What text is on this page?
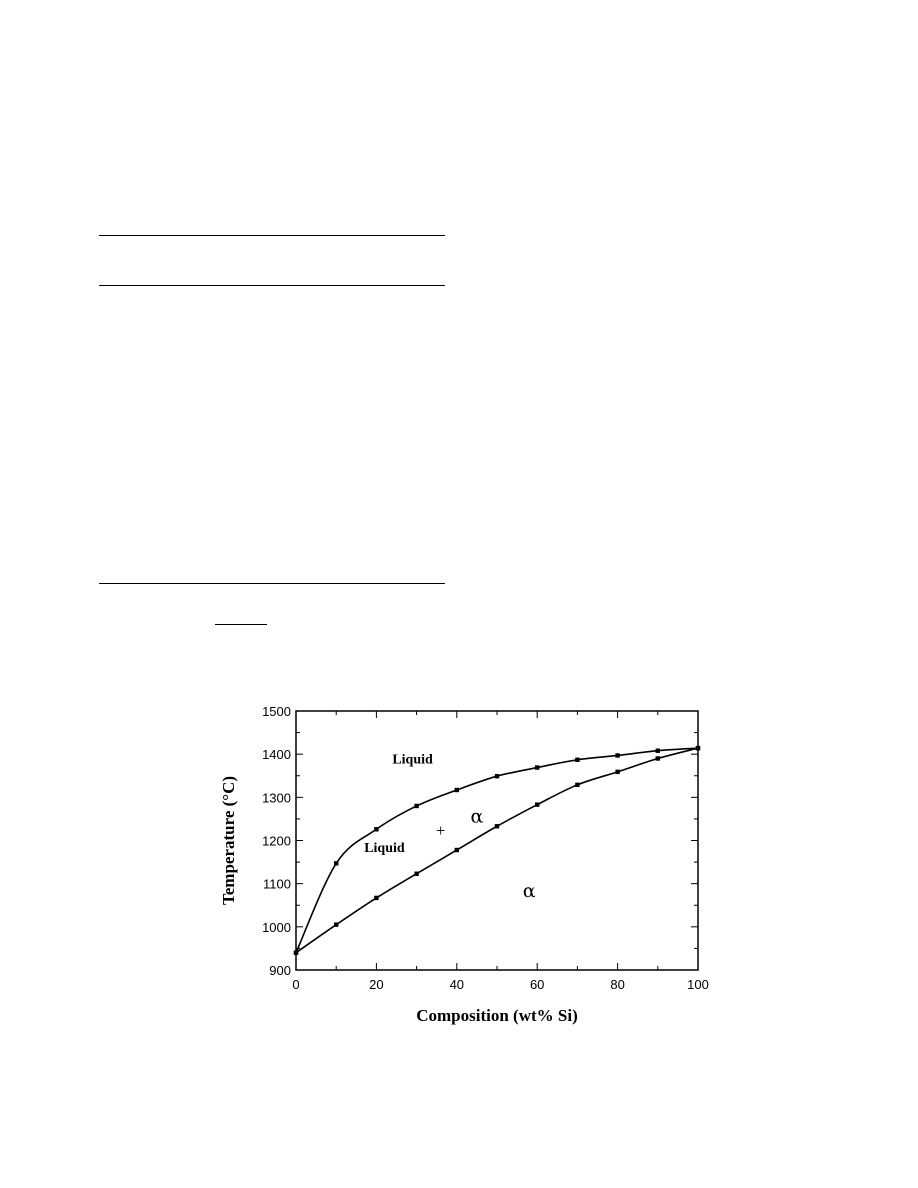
0	20	40	60	80	100
900
1000
1100
1200
1300
1400
1500
Liquid
Liquid
+
α
α
Composition (wt% Si)
Temperature (°C)
